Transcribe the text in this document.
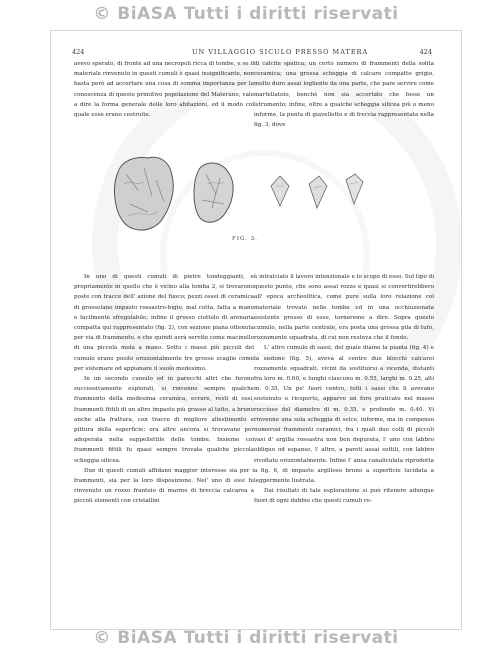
© BiASA Tutti i diritti riservati
© BiASA Tutti i diritti riservati
424	UN VILLAGGIO SICULO PRESSO MATERA	424

avevo sperato, di fronte ad una necropoli ricca di tombe, e se il materiale rinvenuto in questi cumuli è quasi insignificante, non basta però ad accertare una cosa di somma importanza per la conoscenza di questo primitivo popolazione del Materano, vale a dire la forma generale delle loro abitazioni, ed il modo col quale esse erano costruite.

di calcite spatica; un certo numero di frammenti della solita ceramica; una grossa scheggia di calcare compatto grigio, molto duro assai logliente da una parte, che pare servire come martellatoio, benchè non sia accertato che fosse un istrumento; infine, oltre a qualche scheggia silicea più o meno informe, la punta di giavellotto e di freccia rappresentata nella fig. 3, dove

FIG. 3.

In uno di questi cumuli di pietre tondeggianti, e propriamente in quello che è vicino alla tomba 2, si trovarono poste con tracce dell' azione del fuoco; pezzi ossei di ceramica di grossolano impasto rossastro-bigio, mal cotta, fatta a mano e facilmente sfregolabile; infine il grosso ciottolo di arenaria compatta qui rappresentato (fig. 2), con sezione piana ottenuta per via di frammento, e che quindi avrà servito come macinello di una piccola mola a mano. Sotto i massi più piccoli del cumulo erano posite orizzontalmente tre grosse scaglie come per sistemare od appianare il suolo medesimo.

In un secondo cumulo ed in parecchi altri che furono successivamente esplorati, si rinvenne sempre qualche frammento della medesima ceramica, ecrure, resti di ossi, frammenti fittili di un altro impasto più grasso al tatto, a bruno anche alla frattura, con tracce di migliore allestimento e pittura della superficie; ora altre ancora si trovavano per adoperata nella suppellettile delle tombe. Insieme coi frammenti fittili fu quasi sempre trovata qualche piccola scheggia silicea.

Due di questi cumuli affidano maggior interesse sia per i frammenti, sia per la loro disposizione. Nel' uno di essi fu rinvenuto un rozzo frantoio di marmo di breccia calcarea a piccoli elementi con cristallini

è intralciato il lavoro intenzionale e lo scopo di esso. Sul tipo di questo punto, che sono assai rozzo e quasi si convertirebbero all' epoca archeolitica, come pure sulla loro relazione col materiale trovato nelle tombe ed in una occhiuzionata esistente presso di esse, torneremo a dire. Sopra questo cumulo, nella parte centrale, era posta una grossa pila di tufo, rozzamente squadrata, di cui non resteva che il fondo.

L' altro cumulo di sassi, del quale diamo la pianta (fig. 4) e la sezione (fig. 5), aveva al centro due blocchi calcarei rozzamente squadrati, vicini da sostituirsi a vicenda, distanti fra loro m. 0.60, e lunghi ciascuno m. 0.55, larghi m. 0.25, alti m. 0.35. Un po' fuori centro, tolti i sassi che li avevano sostenuto e ricoperto, apparve un foro praticato nel masso roccioso del diametro di m. 0.35, e profondo m. 0.40. Vi rinvenne una sola scheggia di selce, informe, ma in compenso numerosi frammenti ceramici, fra i quali due colli di piccoli vasi d' argilla rossastra non ben depurata, l' uno con labbro obliquo od espanso, l' altro, a pareti assai sottili, con labbro rivoltato orizzontalmente. Infine l' ansa canaliculata riprodotta a fig. 6, di impasto argilloso bruno a superficie lucidata a leggermente lustrata.

Dai risultati di tale esplorazione si può ritenere adunque fuori di ogni dubbio che questi cumuli ro-
